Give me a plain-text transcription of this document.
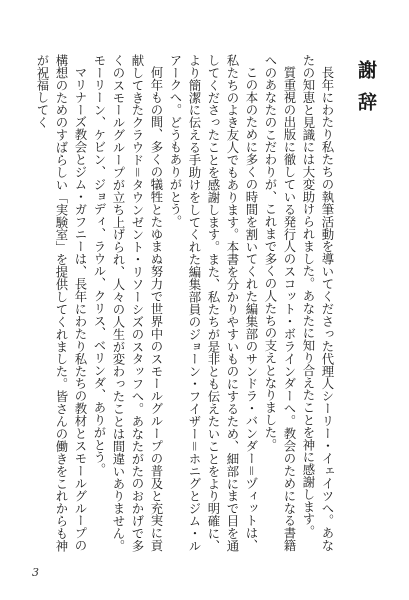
謝辞

長年にわたり私たちの執筆活動を導いてくださった代理人シーリー・イェイツへ。あなたの知恵と見識には大変助けられました。あなたに知り合えたことを神に感謝します。

質重視の出版に徹している発行人のスコット・ボラインダーへ。教会のためになる書籍へのあなたのこだわりが、これまで多くの人たちの支えとなりました。

この本のために多くの時間を割いてくれた編集部のサンドラ・バンダー＝ヅィットは、私たちのよき友人でもあります。本書を分かりやすいものにするため、細部にまで目を通してくださったことを感謝します。また、私たちが是非とも伝えたいことをより明確に、より簡潔に伝える手助けをしてくれた編集部員のジョーン・フイザー＝ホニグとジム・ルアークへ。どうもありがとう。

何年もの間、多くの犠牲とたゆまぬ努力で世界中のスモールグループの普及と充実に貢献してきたクラウド＝タウンゼント・リソーシズのスタッフへ。あなたがたのおかげで多くのスモールグループが立ち上げられ、人々の人生が変わったことは間違いありません。モーリーン、ケビン、ジョディ、ラウル、クリス、ベリンダ、ありがとう。

マリナーズ教会とジム・ガフニーは、長年にわたり私たちの教材とスモールグループの構想のためのすばらしい「実験室」を提供してくれました。皆さんの働きをこれからも神が祝福してく

3
